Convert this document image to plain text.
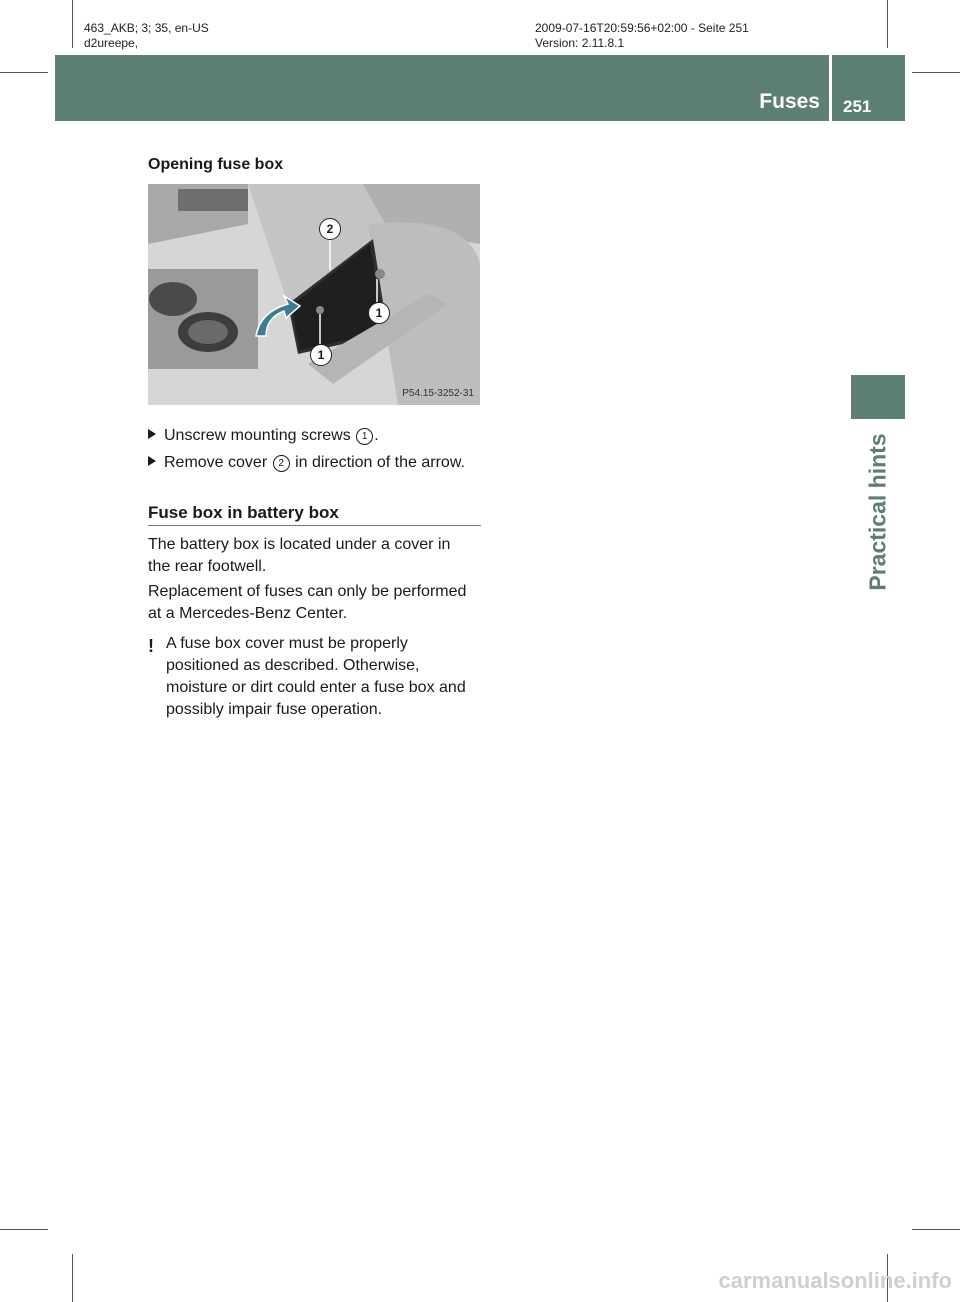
463_AKB; 3; 35, en-US
d2ureepe,
2009-07-16T20:59:56+02:00 - Seite 251
Version: 2.11.8.1
Fuses 251
Practical hints
Opening fuse box
2
1
1
P54.15-3252-31
Unscrew mounting screws 1 .
Remove cover 2 in direction of the arrow.
Fuse box in battery box

The battery box is located under a cover in

the rear footwell.

Replacement of fuses can only be performed

at a Mercedes-Benz Center.

! A fuse box cover must be properly

positioned as described. Otherwise,

moisture or dirt could enter a fuse box and

possibly impair fuse operation.

carmanualsonline.info
